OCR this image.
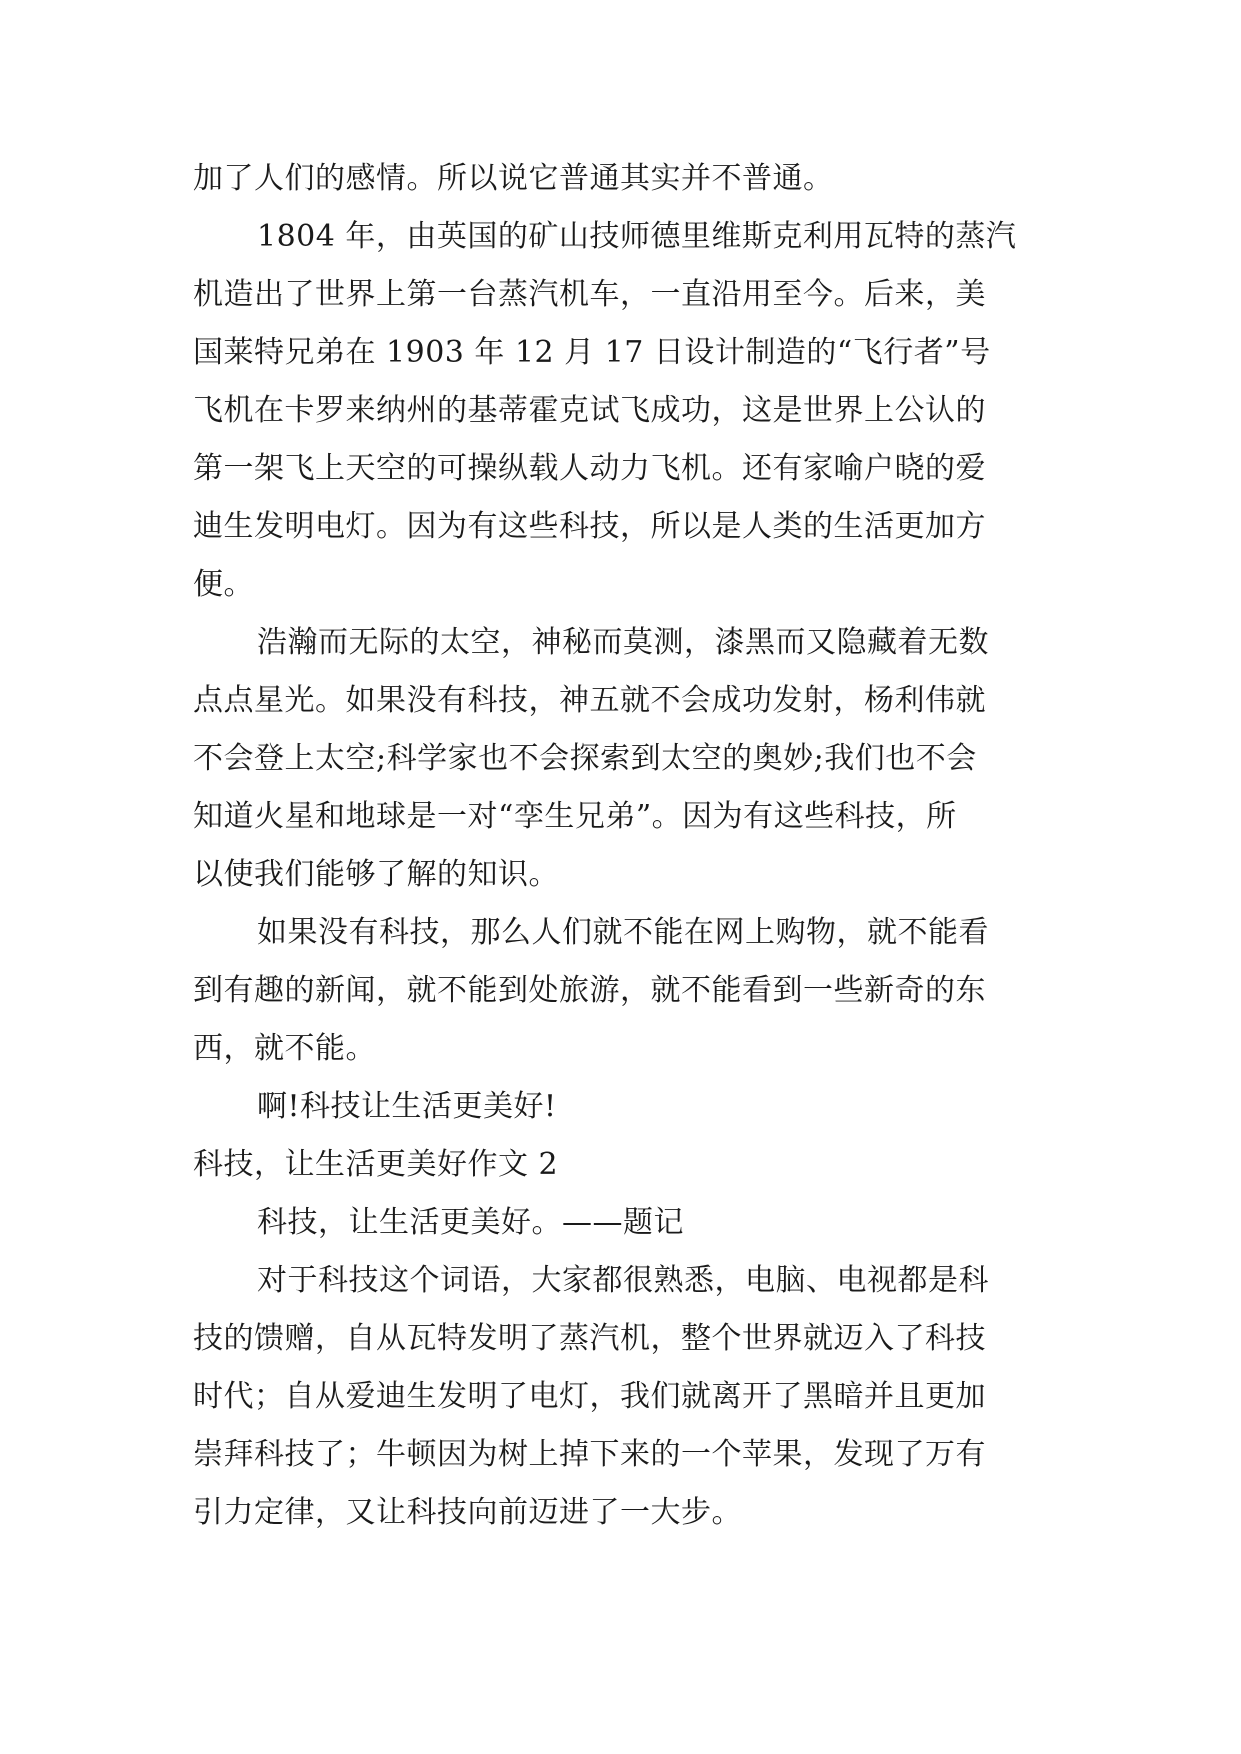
加了人们的感情。所以说它普通其实并不普通。
1804 年，由英国的矿山技师德里维斯克利用瓦特的蒸汽
机造出了世界上第一台蒸汽机车，一直沿用至今。后来，美
国莱特兄弟在 1903 年 12 月 17 日设计制造的“飞行者”号
飞机在卡罗来纳州的基蒂霍克试飞成功，这是世界上公认的
第一架飞上天空的可操纵载人动力飞机。还有家喻户晓的爱
迪生发明电灯。因为有这些科技，所以是人类的生活更加方
便。
浩瀚而无际的太空，神秘而莫测，漆黑而又隐藏着无数
点点星光。如果没有科技，神五就不会成功发射，杨利伟就
不会登上太空;科学家也不会探索到太空的奥妙;我们也不会
知道火星和地球是一对“孪生兄弟”。因为有这些科技，所
以使我们能够了解的知识。
如果没有科技，那么人们就不能在网上购物，就不能看
到有趣的新闻，就不能到处旅游，就不能看到一些新奇的东
西，就不能。
啊!科技让生活更美好!
科技，让生活更美好作文 2
科技，让生活更美好。——题记
对于科技这个词语，大家都很熟悉，电脑、电视都是科
技的馈赠，自从瓦特发明了蒸汽机，整个世界就迈入了科技
时代；自从爱迪生发明了电灯，我们就离开了黑暗并且更加
崇拜科技了；牛顿因为树上掉下来的一个苹果，发现了万有
引力定律，又让科技向前迈进了一大步。
